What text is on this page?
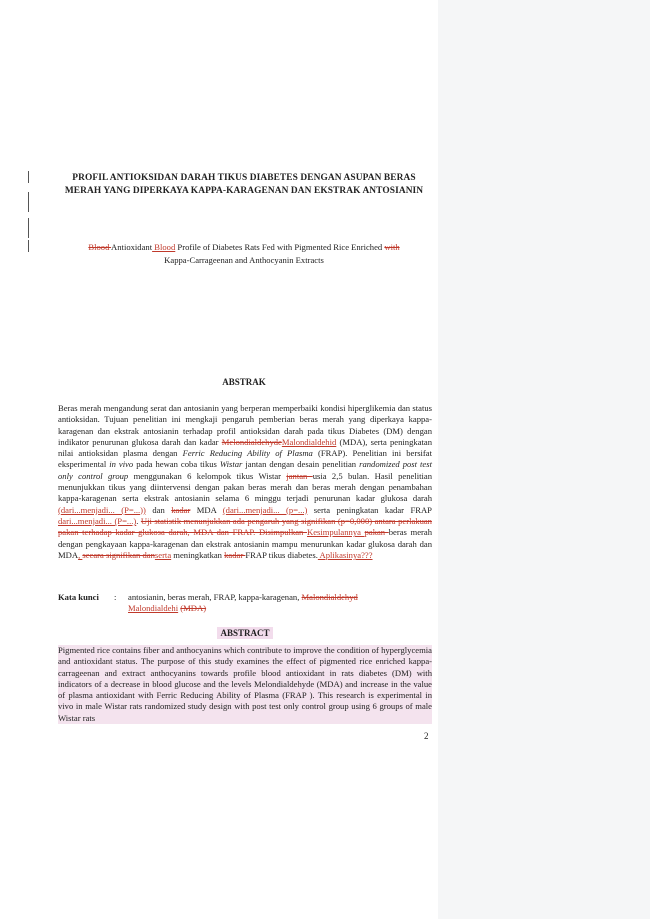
PROFIL ANTIOKSIDAN DARAH TIKUS DIABETES DENGAN ASUPAN BERAS MERAH YANG DIPERKAYA KAPPA-KARAGENAN DAN EKSTRAK ANTOSIANIN
Blood Antioxidant Blood Profile of Diabetes Rats Fed with Pigmented Rice Enriched with
Kappa-Carrageenan and Anthocyanin Extracts
ABSTRAK
Beras merah mengandung serat dan antosianin yang berperan memperbaiki kondisi hiperglikemia dan status antioksidan. Tujuan penelitian ini mengkaji pengaruh pemberian beras merah yang diperkaya kappa-karagenan dan ekstrak antosianin terhadap profil antioksidan darah pada tikus Diabetes (DM) dengan indikator penurunan glukosa darah dan kadar MelondialdehydeMalondialdehid (MDA), serta peningkatan nilai antioksidan plasma dengan Ferric Reducing Ability of Plasma (FRAP). Penelitian ini bersifat eksperimental in vivo pada hewan coba tikus Wistar jantan dengan desain penelitian randomized post test only control group menggunakan 6 kelompok tikus Wistar jantan usia 2,5 bulan. Hasil penelitian menunjukkan tikus yang diintervensi dengan pakan beras merah dan beras merah dengan penambahan kappa-karagenan serta ekstrak antosianin selama 6 minggu terjadi penurunan kadar glukosa darah (dari...menjadi... (P=...)) dan kadar MDA (dari...menjadi... (p=...) serta peningkatan kadar FRAP dari...menjadi... (P=...). Uji statistik menunjukkan ada pengaruh yang signifikan (p=0,000) antara perlakuan pakan terhadap kadar glukosa darah, MDA dan FRAP. Disimpulkan Kesimpulannya pakan beras merah dengan pengkayaan kappa-karagenan dan ekstrak antosianin mampu menurunkan kadar glukosa darah dan MDA, secara signifikan danserta meningkatkan kadar FRAP tikus diabetes. Aplikasinya???
Kata kunci	:	antosianin, beras merah, FRAP, kappa-karagenan, Malondialdehyd
Malondialdehi (MDA)
ABSTRACT
Pigmented rice contains fiber and anthocyanins which contribute to improve the condition of hyperglycemia and antioxidant status. The purpose of this study examines the effect of pigmented rice enriched kappa-carrageenan and extract anthocyanins towards profile blood antioxidant in rats diabetes (DM) with indicators of a decrease in blood glucose and the levels Melondialdehyde (MDA) and increase in the value of plasma antioxidant with Ferric Reducing Ability of Plasma (FRAP ). This research is experimental in vivo in male Wistar rats randomized study design with post test only control group using 6 groups of male Wistar rats
2
